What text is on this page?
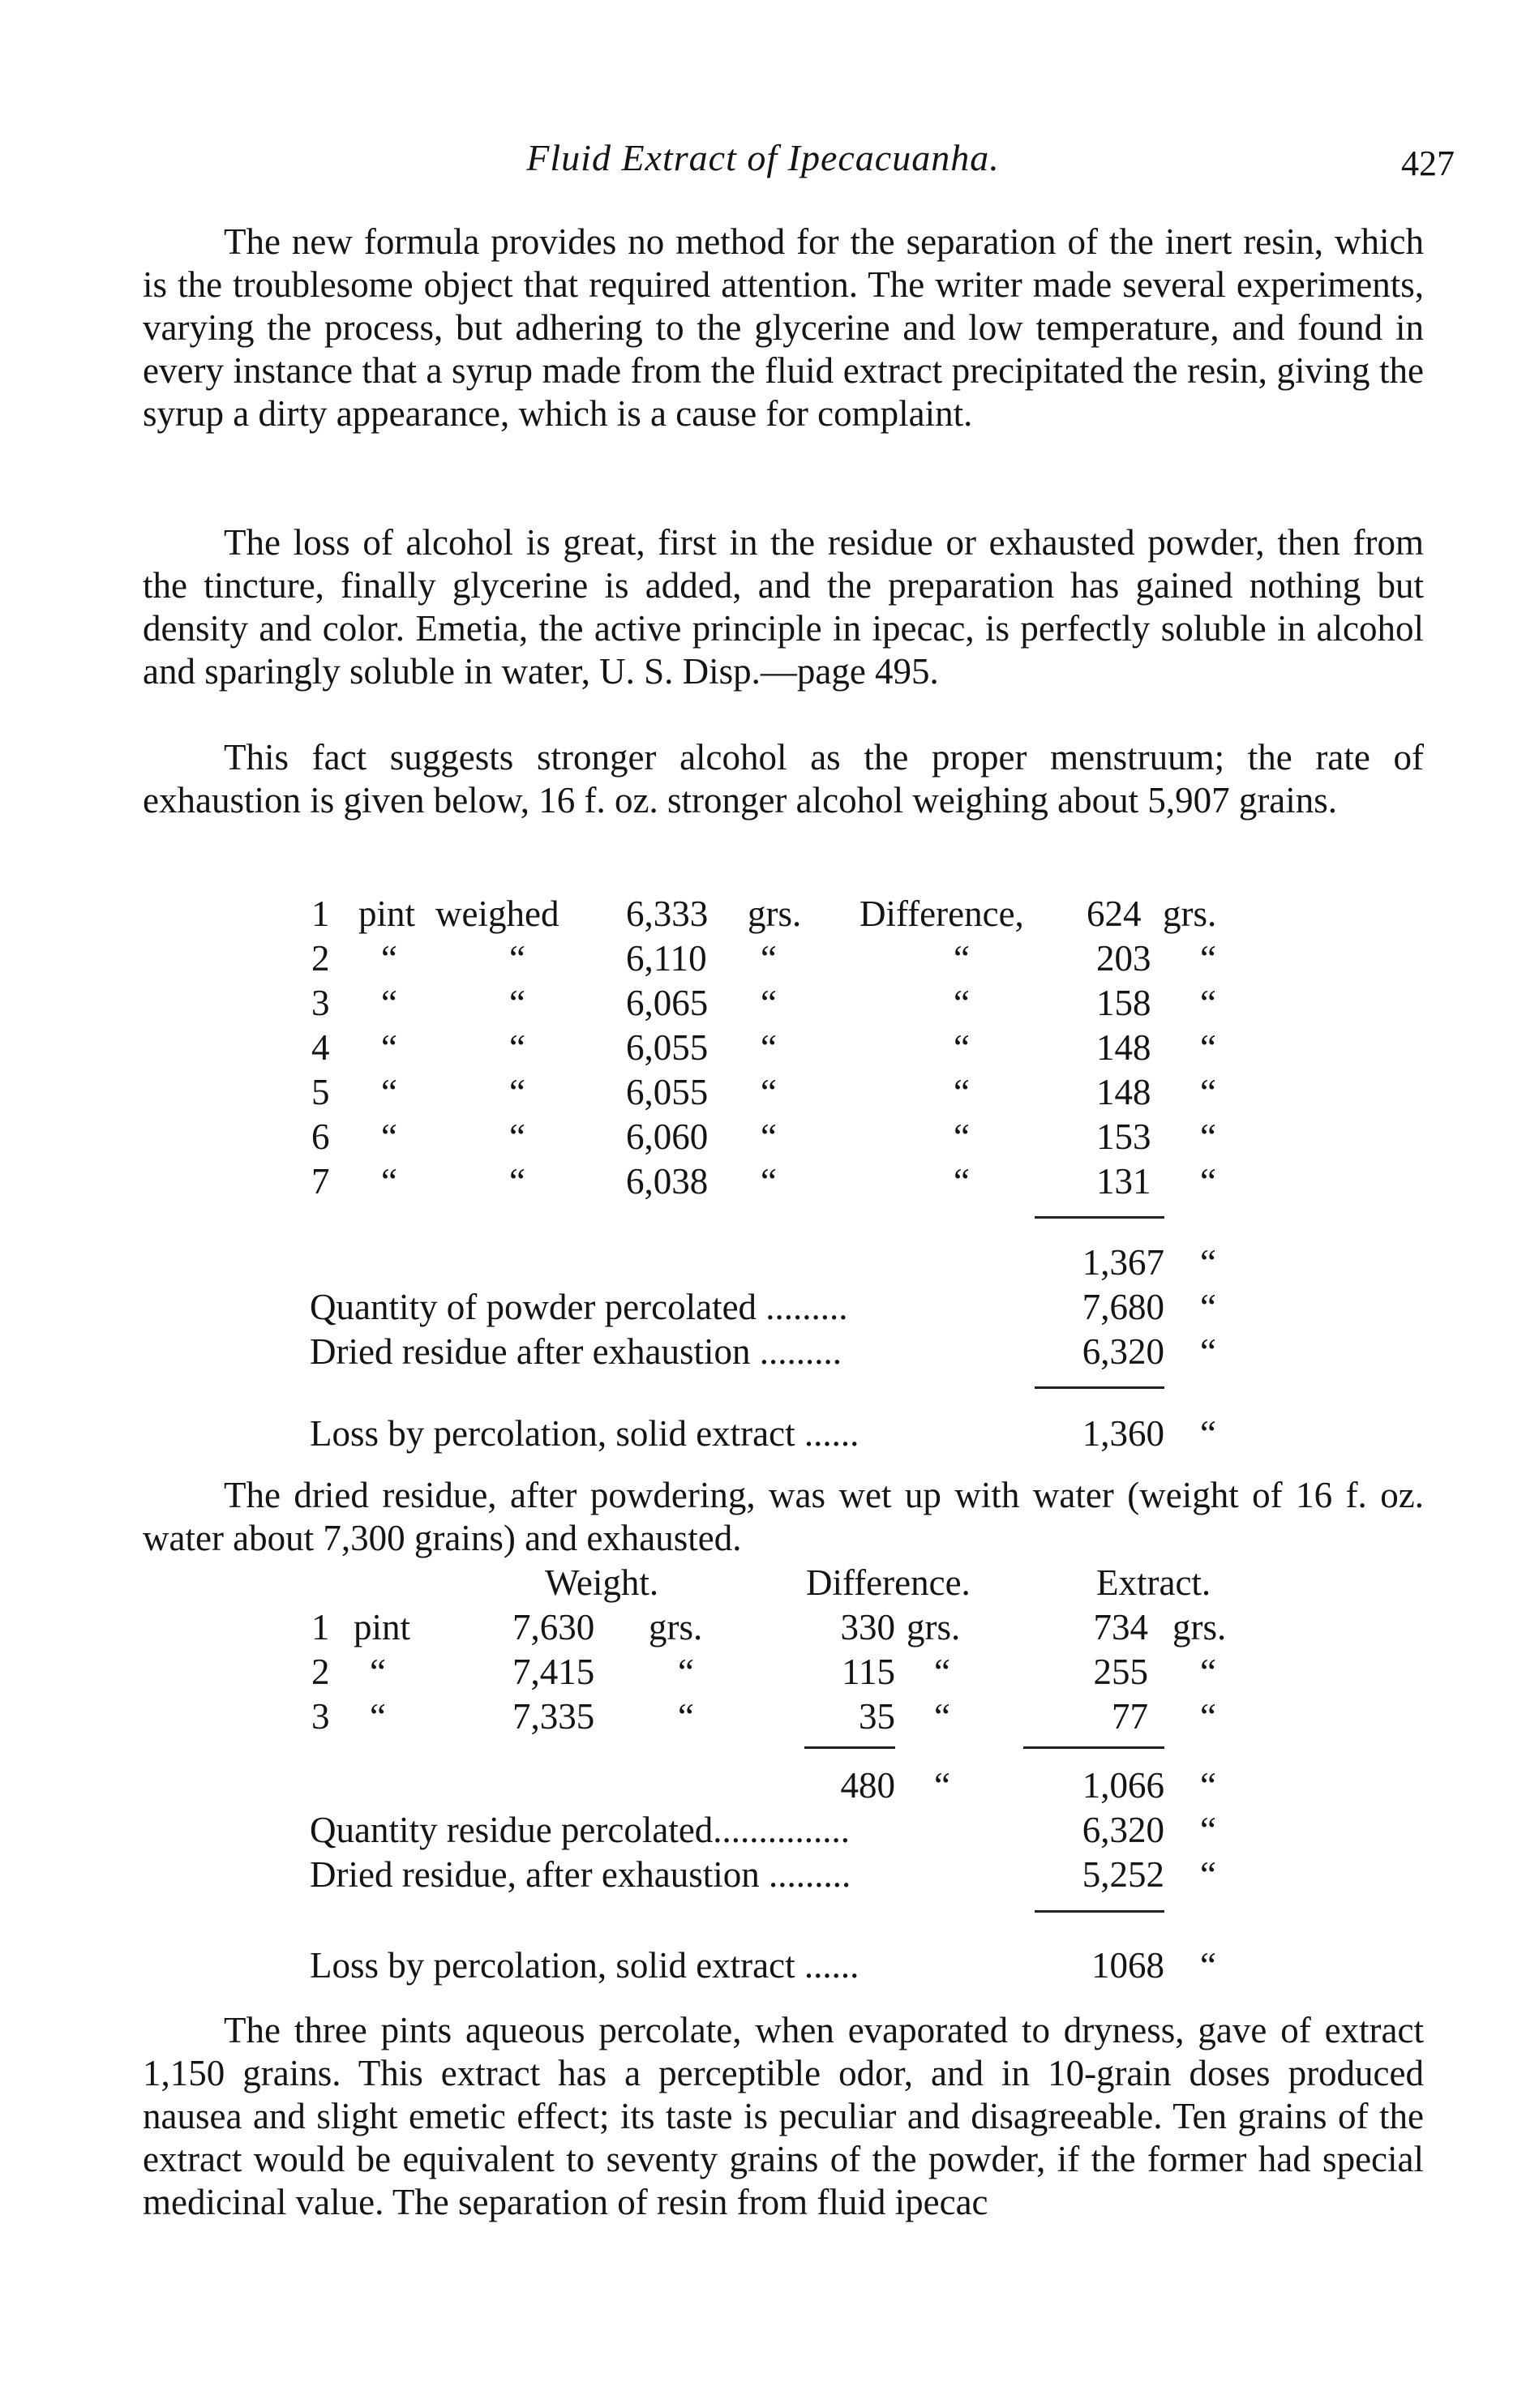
Fluid Extract of Ipecacuanha.	427

The new formula provides no method for the separation of the inert resin, which is the troublesome object that required attention. The writer made several experiments, varying the process, but adhering to the glycerine and low temperature, and found in every instance that a syrup made from the fluid extract precipitated the resin, giving the syrup a dirty appearance, which is a cause for complaint.

The loss of alcohol is great, first in the residue or exhausted powder, then from the tincture, finally glycerine is added, and the preparation has gained nothing but density and color. Emetia, the active principle in ipecac, is perfectly soluble in alcohol and sparingly soluble in water, U. S. Disp.—page 495.

This fact suggests stronger alcohol as the proper menstruum; the rate of exhaustion is given below, 16 f. oz. stronger alcohol weighing about 5,907 grains.

1 pint weighed 6,333 grs. Difference, 624 grs.
2 “	“	6,110 “	“	203 “
3 “	“	6,065 “	“	158 “
4 “	“	6,055 “	“	148 “
5 “	“	6,055 “	“	148 “
6 “	“	6,060 “	“	153 “
7 “	“	6,038 “	“	131 “
1,367 “
Quantity of powder percolated .........	7,680 “
Dried residue after exhaustion .........	6,320 “
Loss by percolation, solid extract ......	1,360 “

The dried residue, after powdering, was wet up with water (weight of 16 f. oz. water about 7,300 grains) and exhausted.

Weight.	Difference.	Extract.
1 pint	7,630 grs.	330 grs.	734 grs.
2 “	7,415 “	115 “	255 “
3 “	7,335 “	35 “	77 “
480 “	1,066 “
Quantity residue percolated...............	6,320 “
Dried residue, after exhaustion .........	5,252 “
Loss by percolation, solid extract ......	1068 “

The three pints aqueous percolate, when evaporated to dryness, gave of extract 1,150 grains. This extract has a perceptible odor, and in 10-grain doses produced nausea and slight emetic effect; its taste is peculiar and disagreeable. Ten grains of the extract would be equivalent to seventy grains of the powder, if the former had special medicinal value. The separation of resin from fluid ipecac
